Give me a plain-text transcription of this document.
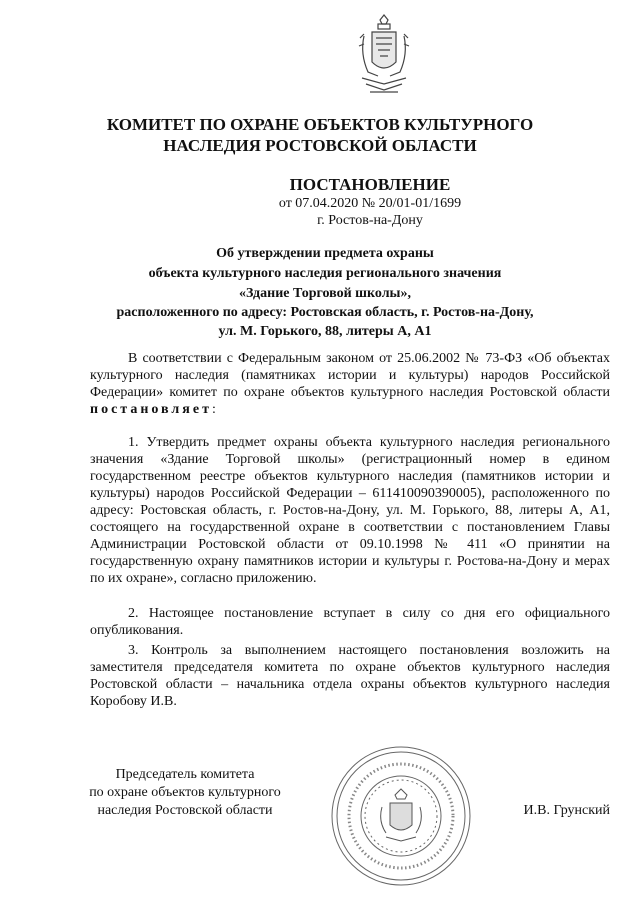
КОМИТЕТ ПО ОХРАНЕ ОБЪЕКТОВ КУЛЬТУРНОГО
НАСЛЕДИЯ РОСТОВСКОЙ ОБЛАСТИ
ПОСТАНОВЛЕНИЕ
от 07.04.2020 № 20/01-01/1699
г. Ростов-на-Дону
Об утверждении предмета охраны
объекта культурного наследия регионального значения
«Здание Торговой школы»,
расположенного по адресу: Ростовская область, г. Ростов-на-Дону,
ул. М. Горького, 88, литеры А, А1
В соответствии с Федеральным законом от 25.06.2002 № 73-ФЗ «Об объектах культурного наследия (памятниках истории и культуры) народов Российской Федерации» комитет по охране объектов культурного наследия Ростовской области постановляет:
1. Утвердить предмет охраны объекта культурного наследия регионального значения «Здание Торговой школы» (регистрационный номер в едином государственном реестре объектов культурного наследия (памятников истории и культуры) народов Российской Федерации – 611410090390005), расположенного по адресу: Ростовская область, г. Ростов-на-Дону, ул. М. Горького, 88, литеры А, А1, состоящего на государственной охране в соответствии с постановлением Главы Администрации Ростовской области от 09.10.1998 № 411 «О принятии на государственную охрану памятников истории и культуры г. Ростова-на-Дону и мерах по их охране», согласно приложению.
2. Настоящее постановление вступает в силу со дня его официального опубликования.
3. Контроль за выполнением настоящего постановления возложить на заместителя председателя комитета по охране объектов культурного наследия Ростовской области – начальника отдела охраны объектов культурного наследия Коробову И.В.
Председатель комитета
по охране объектов культурного
наследия Ростовской области	И.В. Грунский
